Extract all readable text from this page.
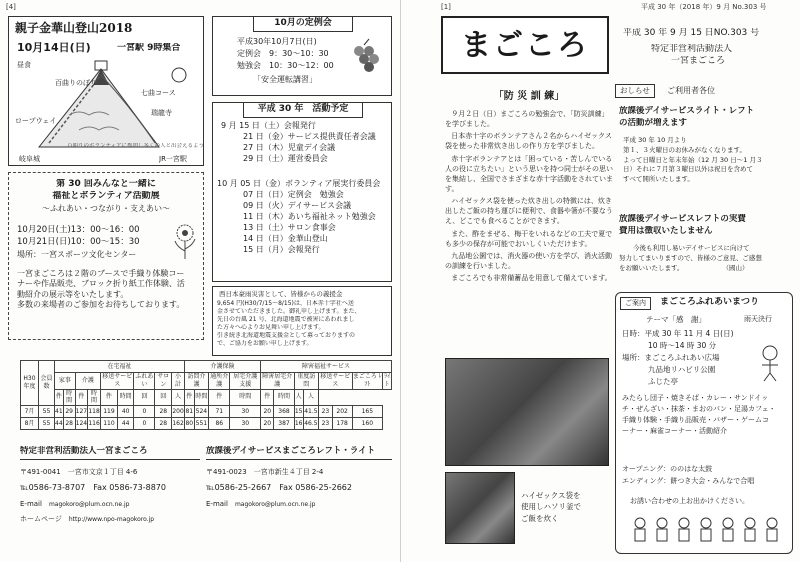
[4]
親子金華山登山2018
10月14日(日)	一宮駅 9時集合
ロープウェイ
百曲りのぼり
七曲コース
瑞龍寺
JR一宮駅
岐阜城
昼食
百曲りのボランティアに参加し多くの人と出会えるよう
10月の定例会
平成30年10月7日(日)
定例会　9：30～10：30
勉強会　10：30～12：00
「安全運転講習」
平成 30 年　活動予定
9 月 15 日（土）会報発行
21 日（金）サービス提供責任者会議
27 日（木）児童デイ会議
29 日（土）運営委員会
10 月 05 日（金）ボランティア展実行委員会
07 日（日）定例会　勉強会
09 日（火）デイサービス会議
11 日（木）あいち福祉ネット勉強会
13 日（土）サロン食事会
14 日（日）金華山登山
15 日（月）会報発行
第 30 回みんなと一緒に
福祉とボランティア活動展
～ふれあい・つながり・支えあい～
10月20日(土)13：00～16：00
10月21日(日)10：00～15：30
場所：一宮スポーツ文化センター
一宮まごころは２階のブースで手織り体験コー
ナーや作品販売、ブロック折り紙工作体験、活
動紹介の展示等をいたします。
多数の来場者のご参加をお待ちしております。
西日本豪雨災害として、皆様からの義援金
9,654 円(H30/7/15～8/15)は、日本赤十字社へ送
金させていただきました。御礼申し上げます。また、
先日の台風 21 号、北海道地震で被害にあわれまし
た方々へ心よりお見舞い申し上げます。
引き続き北海道地震支援金として募っておりますの
で、ご協力をお願い申し上げます。
H30年度	会員数	在宅福祉									介護保険				障害福祉サービス							
		家事		介護		移送サービス		ふれあい	サロン	小計	訪問介護		通所介護	居宅介護支援	障害居宅介護		重度訪問		移送サービス		まごころ ﾚﾌﾄ	ﾗｲﾄ
		件	時間	件	時間	件	時間	回	回	人	件	時間	件	時間	件	時間	人	人				
7月	55	41	29	127	118	119	40	0	28	200	81	524	71	30	20	368	15	41.5	23	202	165	
8月	55	44	28	124	116	110	44	0	28	162	80	551	86	30	20	387	16	46.5	23	178	160	
特定非営利活動法人一宮まごころ
〒491-0041　一宮市文京１丁目 4-6
℡0586-73-8707　Fax 0586-73-8870
E-mail　 magokoro@plum.ocn.ne.jp
ホームページ　 http://www.npo-magokoro.jp
放課後デイサービスまごころレフト・ライト
〒491-0023　一宮市新生４丁目 2-4
℡0586-25-2667　Fax 0586-25-2662
E-mail　 magokoro@plum.ocn.ne.jp
[1]	平成 30 年（2018 年）9 月 No.303 号
まごころ	平成 30 年 9 月 15 日NO.303 号
特定非営利活動法人
一宮まごころ
「防 災 訓 練」
９月２日（日）まごころの勉強会で、「防災訓練」を学びました。
日本赤十字のボランテアさん２名からハイゼックス袋を使った非常炊き出しの作り方を学びました。
赤十字ボランテアとは「困っている・苦しんでいる人の役に立ちたい」という思いを持つ同士がその思いを集結し、全国でさまざまな赤十字活動をされています。
ハイゼックス袋を使った炊き出しの特徴には、炊き出したご飯の持ち運びに便利で、食器や箸が不要なうえ、どこでも食べることができます。
また、酢をまぜる、梅干をいれるなどの工夫で夏でも多少の保存が可能でおいしくいただけます。
九品地公園では、消火器の使い方を学び、消火活動の訓練を行いました。
まごころでも非常備蓄品を用意して備えています。
ハイゼックス袋を
使用しハソリ釜で
ご飯を炊く
おしらせ	ご利用者各位
放課後デイサービスライト・レフト
の活動が増えます
平成 30 年 10 月より
第１、３火曜日のお休みがなくなります。
よって日曜日と年末年始（12 月 30 日～1 月３
日）それに７月第３曜日以外は祝日を含めて
すべて開所いたします。
放課後デイサービスレフトの実費
費用は徴収いたしません
今後も利用し易いデイサービスに向けて
努力してまいりますので、皆様のご意見、ご感想
をお願いいたします。　　　　　　　（國山）
ご案内	まごころふれあいまつり
テーマ「感　謝」	雨天決行
日時：平成 30 年 11 月 4 日(日)
10 時～14 時 30 分
場所：まごころふれあい広場
九品地リハビリ公園
ふじた亭
みたらし団子・焼きそば・カレー・サンドイッ
チ・ぜんざい・抹茶・まおのパン・足湯カフェ・
手織り体験・手織り品販売・バザー・ゲームコ
ーナー・麻雀コーナー・活動紹介
オープニング：ののはな太鼓
エンディング：餅つき大会・みんなで合唱
お誘い合わせの上お出かけください。
